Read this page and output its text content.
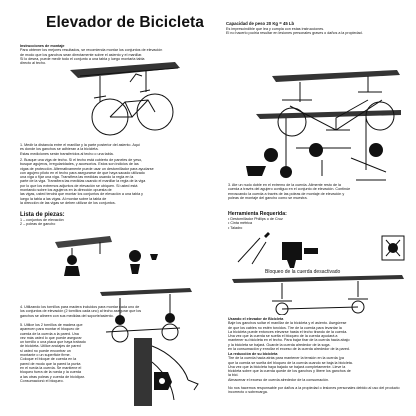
Elevador de Bicicleta	Capacidad de peso 20 Kg = 45 Lb
Es imprescindible que lea y cumpla con estas instrucciones.
El no hacerlo podría resultar en lesiones personales graves o daños a la propiedad.
Instrucciones de montaje
Para obtener los mejores resultados, se recomienda montar los conjuntos de elevación
de modo que los ganchos sean directamente sobre el asiento y el manillar.
Si lo desea, puede medir todo el conjunto a una tabla y luego montarla tabla
directo al techo.
1. Medir la distancia entre el manillar y la parte posterior del asiento. Aquí
es donde los ganchos se adhieran a la bicicleta.
Estas mediciones serán transferidos al techo o una tabla.
2. Busque una viga de techo. Si el techo está cubierto de paneles de yeso,
busque agujeros, irregularidades, y accesorios. Estos son indicios de las
vigas de protección. Alternativamente puede usar un destornillador para ayudarse
con agujero piloto en el techo para asegurarse de que haya sacado utilizado
una viga o fijar una viga. Transfiera las medidas usando la regla en la
parte de la viga. Transfiera las medidas usando el manillar la regla de la viga
por lo que los extremos adjuntos de elevación se ubiquen. Si usted está
montando sobre los agujeros en la dirección opuesta de
las vigas, usted tendrá que montar los conjuntos de elevación a una tabla y
luego la tabla a las vigas. Al montar sobre la tabla de
la dirección de las vigas se deben utilizar de los conjuntos.
3. Ate un nudo doble en el extremo de la cuerda. Alimente resto de la
cuerda a través del agujero contiguo en el conjunto de elevación. Continúe
enroscando la cuerda a través de las poleas de montaje de elevación y
poleas de montaje del gancho como se muestra.
Lista de piezas:
1 – conjuntos de elevación
2 – poleas de gancho
Herramienta Requerida:
• Destornillador Phillips o de Cruz
• Cinta métrica
• Taladro
Bloqueo de la cuerda desactivado
4. Utilizando los tornillos para madera incluidos para montar cada uno de
los conjuntos de elevación (2 tornillos cada uno) al techo asegurar que los
ganchos se alineen con sus medidas del soporte/asiento.
5. Utilice los 2 tornillos de madera que
aparecen para montar el bloqueo de
cuerda de la cuerda a la pared. Una
vez más usted lo que puede asegurar
un tornillo o una placa que haya trabado
de bicicleta. Utilice anclajes de pared
si usted no puede encontrar un
montante o un superficie firme.
Coloque el bloque de cuerda en la
pared de modo que la pared la punta
en el rueda la cuerda. Se mantiene el
bloqueo fuera de la rueda y la cuerda
a las otras poleas y cuerda de bicidipar.
Consumacionó el bloqueo.
Usando el elevador de Bicicleta
Baje los ganchos soltar el manillar de la bicicleta y el asiento. Asegúrese
de que los cables no estén torcidos. Tire de la cuerda para levantar la
La bicicleta puede entonces elevarse hasta el techo tirando de la cuerda.
Una vez que la cuerda se suelta el bloqueo de la cuerda ayudará a
mantener su bicicleta en el techo. Para bajar tirar de la cuerda hacia abajo
y la bicicleta se bajará. Guarde la cuerda alrededor de la soga.
en la consumación y enrollar el exceso de la cuerda alrededor de la pared.
La reducción de su bicicleta
Tire de la cuerda hacia atrás para mantener la tensión en la cuerda (ya
que la cuerda se suelta del bloqueo de la cuerda cuando se baja la bicicleta.
Una vez que la bicicleta haya bajado se bajará completamente. Lleve la
bicicleta sobre que la cuerda quede de los ganchos y libere los ganchos de
la bici.
Almacenar el exceso de cuerda alrededor de la consumación.
No nos hacemos responsable por daños a la propiedad o lesiones personales debido al uso del producto incorrecto o sobrecarga.
